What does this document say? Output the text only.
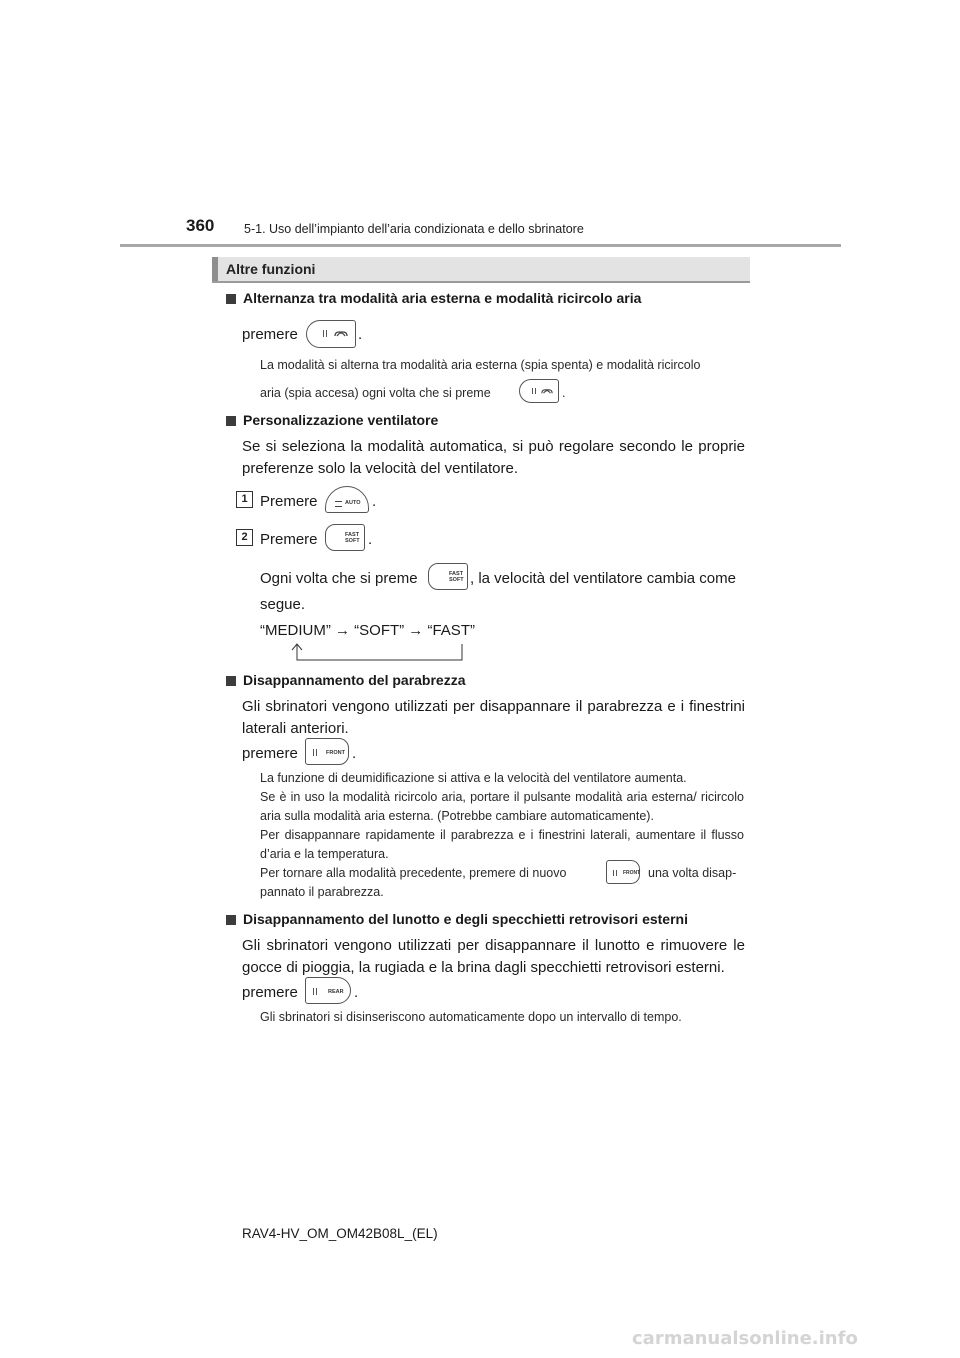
360 5-1. Uso dell’impianto dell’aria condizionata e dello sbrinatore
Altre funzioni
Alternanza tra modalità aria esterna e modalità ricircolo aria
premere	.
La modalità si alterna tra modalità aria esterna (spia spenta) e modalità ricircolo
aria (spia accesa) ogni volta che si preme	.
Personalizzazione ventilatore
Se si seleziona la modalità automatica, si può regolare secondo le proprie preferenze solo la velocità del ventilatore.
1 Premere	AUTO .
2 Premere	FAST
SOFT .
Ogni volta che si preme	FAST
SOFT , la velocità del ventilatore cambia come
segue.
“MEDIUM” → “SOFT” → “FAST”
Disappannamento del parabrezza
Gli sbrinatori vengono utilizzati per disappannare il parabrezza e i finestrini laterali anteriori.
premere	FRONT .
La funzione di deumidificazione si attiva e la velocità del ventilatore aumenta.
Se è in uso la modalità ricircolo aria, portare il pulsante modalità aria esterna/ ricircolo aria sulla modalità aria esterna. (Potrebbe cambiare automaticamente).
Per disappannare rapidamente il parabrezza e i finestrini laterali, aumentare il flusso d’aria e la temperatura.
Per tornare alla modalità precedente, premere di nuovo	FRONT una volta disap-
pannato il parabrezza.
Disappannamento del lunotto e degli specchietti retrovisori esterni
Gli sbrinatori vengono utilizzati per disappannare il lunotto e rimuovere le gocce di pioggia, la rugiada e la brina dagli specchietti retrovisori esterni.
premere	REAR .
Gli sbrinatori si disinseriscono automaticamente dopo un intervallo di tempo.
RAV4-HV_OM_OM42B08L_(EL)
carmanualsonline.info
